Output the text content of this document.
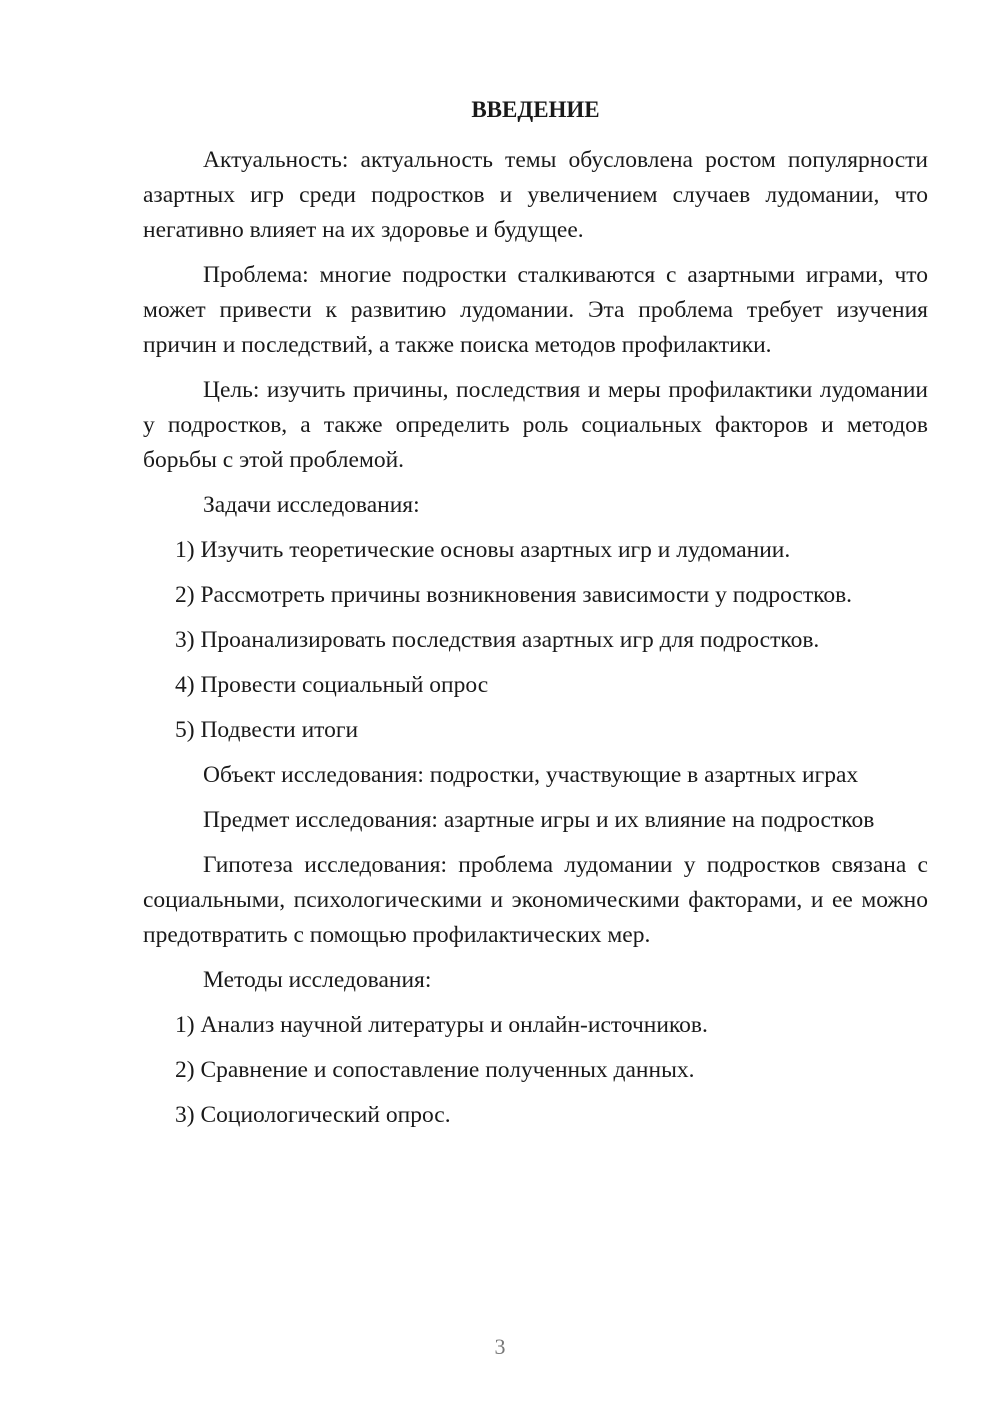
ВВЕДЕНИЕ

Актуальность: актуальность темы обусловлена ростом популярности азартных игр среди подростков и увеличением случаев лудомании, что негативно влияет на их здоровье и будущее.

Проблема: многие подростки сталкиваются с азартными играми, что может привести к развитию лудомании. Эта проблема требует изучения причин и последствий, а также поиска методов профилактики.

Цель: изучить причины, последствия и меры профилактики лудомании у подростков, а также определить роль социальных факторов и методов борьбы с этой проблемой.

Задачи исследования:

1) Изучить теоретические основы азартных игр и лудомании.

2) Рассмотреть причины возникновения зависимости у подростков.

3) Проанализировать последствия азартных игр для подростков.

4) Провести социальный опрос

5) Подвести итоги

Объект исследования: подростки, участвующие в азартных играх

Предмет исследования: азартные игры и их влияние на подростков

Гипотеза исследования: проблема лудомании у подростков связана с социальными, психологическими и экономическими факторами, и ее можно предотвратить с помощью профилактических мер.

Методы исследования:

1) Анализ научной литературы и онлайн-источников.

2) Сравнение и сопоставление полученных данных.

3) Социологический опрос.

3
